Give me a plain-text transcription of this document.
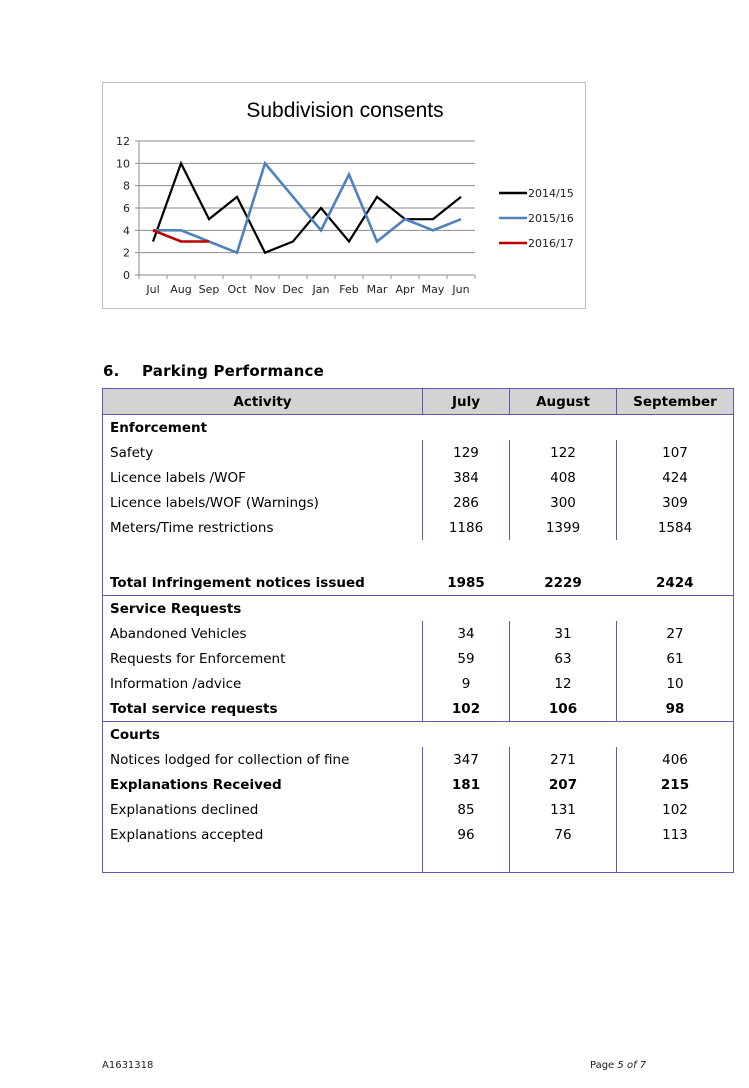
Subdivision consents
0
2
4
6
8
10
12
Jul Aug Sep Oct Nov Dec Jan Feb Mar Apr May Jun
2014/15
2015/16
2016/17
6. Parking Performance
Activity	July	August	September
Enforcement			
Safety	129	122	107
Licence labels /WOF	384	408	424
Licence labels/WOF (Warnings)	286	300	309
Meters/Time restrictions	1186	1399	1584

Total Infringement notices issued	1985	2229	2424
Service Requests			
Abandoned Vehicles	34	31	27
Requests for Enforcement	59	63	61
Information /advice	9	12	10
Total service requests	102	106	98
Courts			
Notices lodged for collection of fine	347	271	406
Explanations Received	181	207	215
Explanations declined	85	131	102
Explanations accepted	96	76	113

A1631318	Page 5 of 7
